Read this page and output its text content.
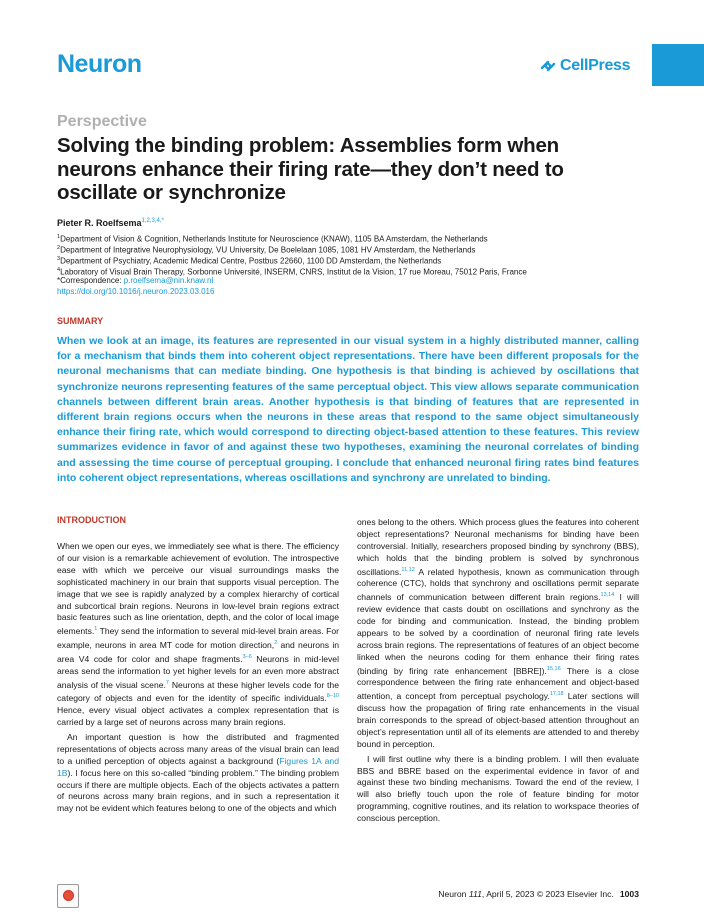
Neuron	CellPress
Perspective
Solving the binding problem: Assemblies form when neurons enhance their firing rate—they don’t need to oscillate or synchronize
Pieter R. Roelfsema$^{1,2,3,4,*}$
$^1$Department of Vision & Cognition, Netherlands Institute for Neuroscience (KNAW), 1105 BA Amsterdam, the Netherlands
$^2$Department of Integrative Neurophysiology, VU University, De Boelelaan 1085, 1081 HV Amsterdam, the Netherlands
$^3$Department of Psychiatry, Academic Medical Centre, Postbus 22660, 1100 DD Amsterdam, the Netherlands
$^4$Laboratory of Visual Brain Therapy, Sorbonne Université, INSERM, CNRS, Institut de la Vision, 17 rue Moreau, 75012 Paris, France
*Correspondence: p.roelfsema@nin.knaw.nl
https://doi.org/10.1016/j.neuron.2023.03.016
SUMMARY
When we look at an image, its features are represented in our visual system in a highly distributed manner, calling for a mechanism that binds them into coherent object representations. There have been different proposals for the neuronal mechanisms that can mediate binding. One hypothesis is that binding is achieved by oscillations that synchronize neurons representing features of the same perceptual object. This view allows separate communication channels between different brain areas. Another hypothesis is that binding of features that are represented in different brain regions occurs when the neurons in these areas that respond to the same object simultaneously enhance their firing rate, which would correspond to directing object-based attention to these features. This review summarizes evidence in favor of and against these two hypotheses, examining the neuronal correlates of binding and assessing the time course of perceptual grouping. I conclude that enhanced neuronal firing rates bind features into coherent object representations, whereas oscillations and synchrony are unrelated to binding.
INTRODUCTION

When we open our eyes, we immediately see what is there. The efficiency of our vision is a remarkable achievement of evolution. The introspective ease with which we perceive our visual surroundings masks the sophisticated machinery in our brain that supports visual perception. The image that we see is rapidly analyzed by a complex hierarchy of cortical and subcortical brain regions. Neurons in low-level brain regions extract basic features such as line orientation, depth, and the color of local image elements.$^1$ They send the information to several mid-level brain areas. For example, neurons in area MT code for motion direction,$^2$ and neurons in area V4 code for color and shape fragments.$^{3-6}$ Neurons in mid-level areas send the information to yet higher levels for an even more abstract analysis of the visual scene.$^7$ Neurons at these higher levels code for the category of objects and even for the identity of specific individuals.$^{8-10}$ Hence, every visual object activates a complex representation that is carried by a large set of neurons across many brain regions.

An important question is how the distributed and fragmented representations of objects across many areas of the visual brain can lead to a unified perception of objects against a background (Figures 1A and 1B). I focus here on this so-called “binding problem.” The binding problem occurs if there are multiple objects. Each of the objects activates a pattern of neurons across many brain regions, and in such a representation it may not be evident which features belong to one of the objects and which

ones belong to the others. Which process glues the features into coherent object representations? Neuronal mechanisms for binding have been controversial. Initially, researchers proposed binding by synchrony (BBS), which holds that the binding problem is solved by synchronous oscillations.$^{11,12}$ A related hypothesis, known as communication through coherence (CTC), holds that synchrony and oscillations permit separate channels of communication between different brain regions.$^{13,14}$ I will review evidence that casts doubt on oscillations and synchrony as the code for binding and communication. Instead, the binding problem appears to be solved by a coordination of neuronal firing rate levels across brain regions. The representations of features of an object become linked when the neurons coding for them enhance their firing rates (binding by firing rate enhancement [BBRE]).$^{15,16}$ There is a close correspondence between the firing rate enhancement and object-based attention, a concept from perceptual psychology.$^{17,18}$ Later sections will discuss how the propagation of firing rate enhancements in the visual brain corresponds to the spread of object-based attention throughout an object’s representation until all of its elements are attended to and thereby bound in perception.

I will first outline why there is a binding problem. I will then evaluate BBS and BBRE based on the experimental evidence in favor of and against these two binding mechanisms. Toward the end of the review, I will also briefly touch upon the role of feature binding for motor programming, cognitive routines, and its relation to workspace theories of conscious perception.

Neuron 111, April 5, 2023 © 2023 Elsevier Inc. 1003
